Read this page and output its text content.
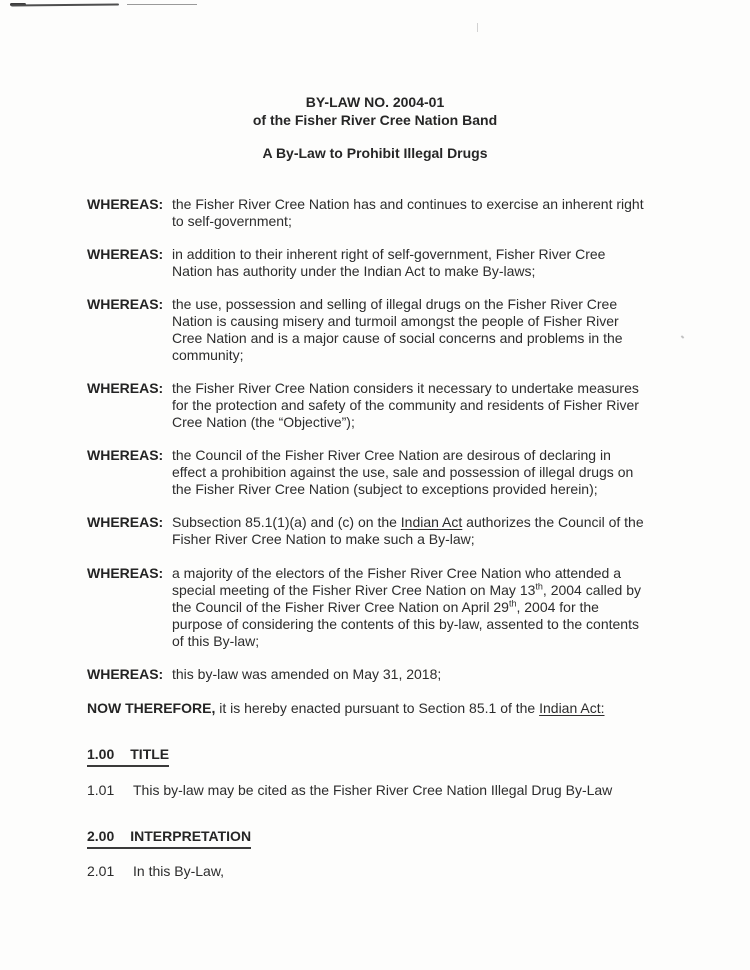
BY-LAW NO. 2004-01
of the Fisher River Cree Nation Band
A By-Law to Prohibit Illegal Drugs
WHEREAS: the Fisher River Cree Nation has and continues to exercise an inherent right
to self-government;
WHEREAS: in addition to their inherent right of self-government, Fisher River Cree
Nation has authority under the Indian Act to make By-laws;
WHEREAS: the use, possession and selling of illegal drugs on the Fisher River Cree
Nation is causing misery and turmoil amongst the people of Fisher River
Cree Nation and is a major cause of social concerns and problems in the
community;
WHEREAS: the Fisher River Cree Nation considers it necessary to undertake measures
for the protection and safety of the community and residents of Fisher River
Cree Nation (the “Objective”);
WHEREAS: the Council of the Fisher River Cree Nation are desirous of declaring in
effect a prohibition against the use, sale and possession of illegal drugs on
the Fisher River Cree Nation (subject to exceptions provided herein);
WHEREAS: Subsection 85.1(1)(a) and (c) on the Indian Act authorizes the Council of the
Fisher River Cree Nation to make such a By-law;
WHEREAS: a majority of the electors of the Fisher River Cree Nation who attended a
special meeting of the Fisher River Cree Nation on May 13th, 2004 called by
the Council of the Fisher River Cree Nation on April 29th, 2004 for the
purpose of considering the contents of this by-law, assented to the contents
of this By-law;
WHEREAS: this by-law was amended on May 31, 2018;
NOW THEREFORE, it is hereby enacted pursuant to Section 85.1 of the Indian Act:
1.00 TITLE
1.01	This by-law may be cited as the Fisher River Cree Nation Illegal Drug By-Law
2.00 INTERPRETATION
2.01	In this By-Law,
